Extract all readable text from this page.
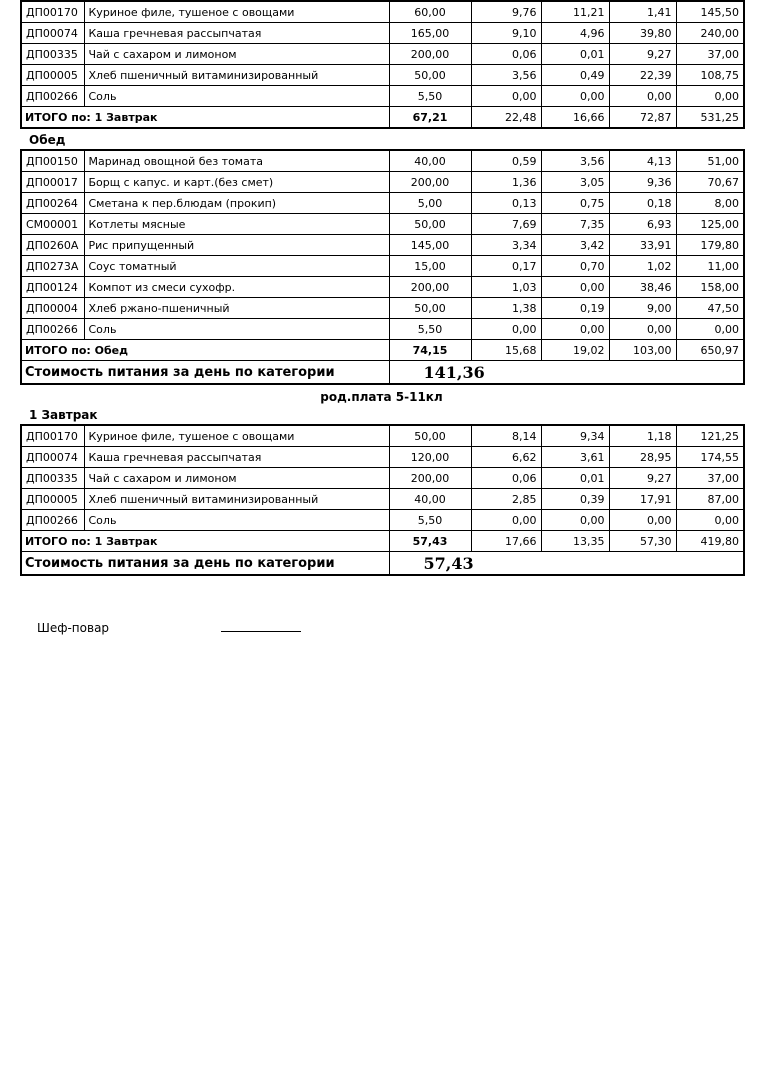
ДП00170	Куриное филе, тушеное с овощами	60,00	9,76	11,21	1,41	145,50
ДП00074	Каша гречневая рассыпчатая	165,00	9,10	4,96	39,80	240,00
ДП00335	Чай с сахаром и лимоном	200,00	0,06	0,01	9,27	37,00
ДП00005	Хлеб пшеничный витаминизированный	50,00	3,56	0,49	22,39	108,75
ДП00266	Соль	5,50	0,00	0,00	0,00	0,00
ИТОГО по: 1 Завтрак		67,21	22,48	16,66	72,87	531,25
Обед
ДП00150	Маринад овощной без томата	40,00	0,59	3,56	4,13	51,00
ДП00017	Борщ с капус. и карт.(без смет)	200,00	1,36	3,05	9,36	70,67
ДП00264	Сметана к пер.блюдам (прокип)	5,00	0,13	0,75	0,18	8,00
СМ00001	Котлеты мясные	50,00	7,69	7,35	6,93	125,00
ДП0260А	Рис припущенный	145,00	3,34	3,42	33,91	179,80
ДП0273А	Соус томатный	15,00	0,17	0,70	1,02	11,00
ДП00124	Компот из смеси сухофр.	200,00	1,03	0,00	38,46	158,00
ДП00004	Хлеб ржано-пшеничный	50,00	1,38	0,19	9,00	47,50
ДП00266	Соль	5,50	0,00	0,00	0,00	0,00
ИТОГО по: Обед		74,15	15,68	19,02	103,00	650,97
Стоимость питания за день по категории		141,36				
род.плата 5-11кл
1 Завтрак
ДП00170	Куриное филе, тушеное с овощами	50,00	8,14	9,34	1,18	121,25
ДП00074	Каша гречневая рассыпчатая	120,00	6,62	3,61	28,95	174,55
ДП00335	Чай с сахаром и лимоном	200,00	0,06	0,01	9,27	37,00
ДП00005	Хлеб пшеничный витаминизированный	40,00	2,85	0,39	17,91	87,00
ДП00266	Соль	5,50	0,00	0,00	0,00	0,00
ИТОГО по: 1 Завтрак		57,43	17,66	13,35	57,30	419,80
Стоимость питания за день по категории		57,43				
Шеф-повар
